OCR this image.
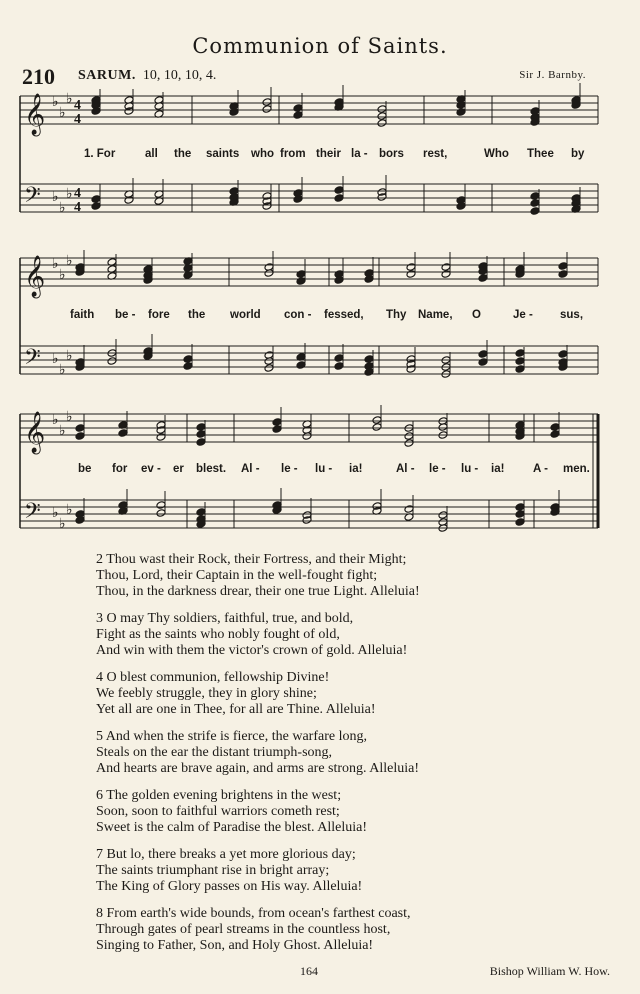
Communion of Saints.
210 SARUM. 10, 10, 10, 4.	Sir J. Barnby.
𝄞
𝄢
♭
♭
♭
♭
♭
♭
4
4
4
4
1. For	all the saints who from their la - bors rest,	Who Thee by
𝄞
𝄢
♭
♭
♭
♭
♭
♭
faith be - fore the world con - fessed, Thy Name, O	Je - sus,
𝄞
𝄢
♭
♭
♭
♭
♭
♭
be for ev - er blest. Al - le - lu - ia!	Al - le - lu - ia! A - men.
2 Thou wast their Rock, their Fortress, and their Might;
Thou, Lord, their Captain in the well-fought fight;
Thou, in the darkness drear, their one true Light. Alleluia!
3 O may Thy soldiers, faithful, true, and bold,
Fight as the saints who nobly fought of old,
And win with them the victor's crown of gold. Alleluia!
4 O blest communion, fellowship Divine!
We feebly struggle, they in glory shine;
Yet all are one in Thee, for all are Thine. Alleluia!
5 And when the strife is fierce, the warfare long,
Steals on the ear the distant triumph-song,
And hearts are brave again, and arms are strong. Alleluia!
6 The golden evening brightens in the west;
Soon, soon to faithful warriors cometh rest;
Sweet is the calm of Paradise the blest. Alleluia!
7 But lo, there breaks a yet more glorious day;
The saints triumphant rise in bright array;
The King of Glory passes on His way. Alleluia!
8 From earth's wide bounds, from ocean's farthest coast,
Through gates of pearl streams in the countless host,
Singing to Father, Son, and Holy Ghost. Alleluia!
164	Bishop William W. How.
